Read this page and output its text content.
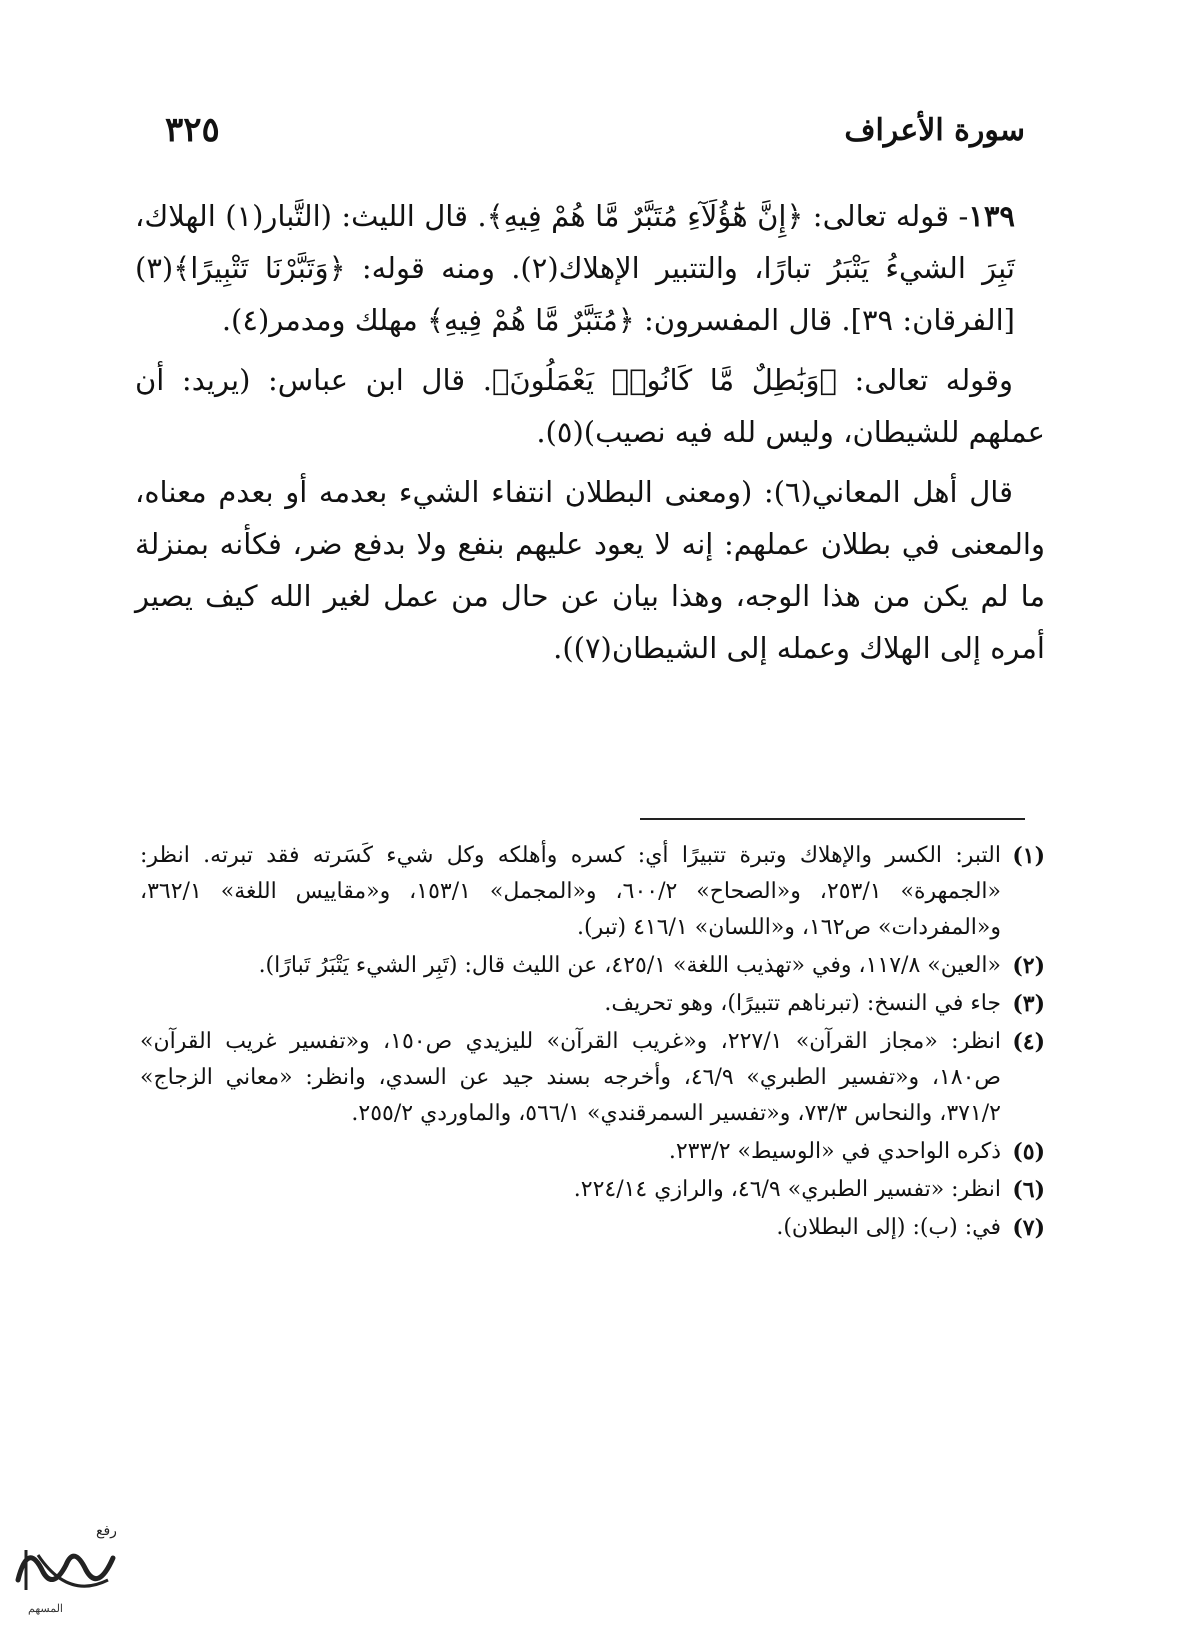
سورة الأعراف
٣٢٥

١٣٩- قوله تعالى: ﴿إِنَّ هَٰٓؤُلَآءِ مُتَبَّرٌ مَّا هُمْ فِيهِ﴾. قال الليث: (التَّبار(١) الهلاك، تَبِرَ الشيءُ يَتْبَرُ تبارًا، والتتبير الإهلاك(٢). ومنه قوله: ﴿وَتَبَّرْنَا تَتْبِيرًا﴾(٣) [الفرقان: ٣٩]. قال المفسرون: ﴿مُتَبَّرٌ مَّا هُمْ فِيهِ﴾ مهلك ومدمر(٤).

وقوله تعالى: ﴿وَبَٰطِلٌ مَّا كَانُوا۟ يَعْمَلُونَ﴾. قال ابن عباس: (يريد: أن عملهم للشيطان، وليس لله فيه نصيب)(٥).

قال أهل المعاني(٦): (ومعنى البطلان انتفاء الشيء بعدمه أو بعدم معناه، والمعنى في بطلان عملهم: إنه لا يعود عليهم بنفع ولا بدفع ضر، فكأنه بمنزلة ما لم يكن من هذا الوجه، وهذا بيان عن حال من عمل لغير الله كيف يصير أمره إلى الهلاك وعمله إلى الشيطان(٧)).

(١)
التبر: الكسر والإهلاك وتبرة تتبيرًا أي: كسره وأهلكه وكل شيء كَسَرته فقد تبرته. انظر: «الجمهرة» ٢٥٣/١، و«الصحاح» ٦٠٠/٢، و«المجمل» ١٥٣/١، و«مقاييس اللغة» ٣٦٢/١، و«المفردات» ص١٦٢، و«اللسان» ٤١٦/١ (تبر).
(٢)
«العين» ١١٧/٨، وفي «تهذيب اللغة» ٤٢٥/١، عن الليث قال: (تَبِر الشيء يَتْبَرُ تَبارًا).
(٣)
جاء في النسخ: (تبرناهم تتبيرًا)، وهو تحريف.
(٤)
انظر: «مجاز القرآن» ٢٢٧/١، و«غريب القرآن» لليزيدي ص١٥٠، و«تفسير غريب القرآن» ص١٨٠، و«تفسير الطبري» ٤٦/٩، وأخرجه بسند جيد عن السدي، وانظر: «معاني الزجاج» ٣٧١/٢، والنحاس ٧٣/٣، و«تفسير السمرقندي» ٥٦٦/١، والماوردي ٢٥٥/٢.
(٥)
ذكره الواحدي في «الوسيط» ٢٣٣/٢.
(٦)
انظر: «تفسير الطبري» ٤٦/٩، والرازي ٢٢٤/١٤.
(٧)
في: (ب): (إلى البطلان).
رفع
المسهم
